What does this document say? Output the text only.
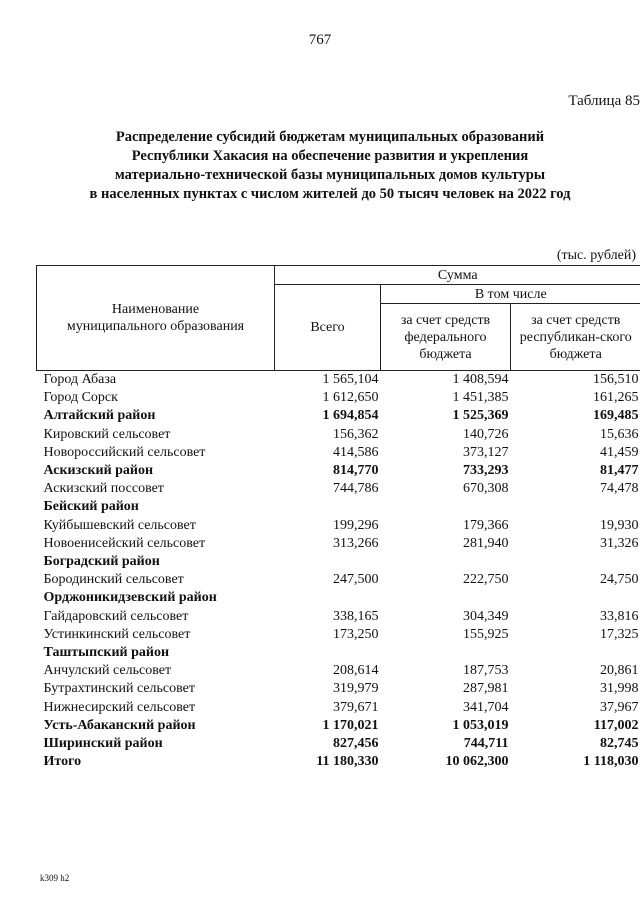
767
Таблица 85
Распределение субсидий бюджетам муниципальных образований
Республики Хакасия на обеспечение развития и укрепления
материально-технической базы муниципальных домов культуры
в населенных пунктах с числом жителей до 50 тысяч человек на 2022 год
(тыс. рублей)
Наименование
муниципального образования	Сумма		
	Всего	В том числе	
		за счет средств федерального бюджета	за счет средств республикан-ского бюджета
Город Абаза	1 565,104	1 408,594	156,510
Город Сорск	1 612,650	1 451,385	161,265
Алтайский район	1 694,854	1 525,369	169,485
Кировский сельсовет	156,362	140,726	15,636
Новороссийский сельсовет	414,586	373,127	41,459
Аскизский район	814,770	733,293	81,477
Аскизский поссовет	744,786	670,308	74,478
Бейский район			
Куйбышевский сельсовет	199,296	179,366	19,930
Новоенисейский сельсовет	313,266	281,940	31,326
Боградский район			
Бородинский сельсовет	247,500	222,750	24,750
Орджоникидзевский район			
Гайдаровский сельсовет	338,165	304,349	33,816
Устинкинский сельсовет	173,250	155,925	17,325
Таштыпский район			
Анчулский сельсовет	208,614	187,753	20,861
Бутрахтинский сельсовет	319,979	287,981	31,998
Нижнесирский сельсовет	379,671	341,704	37,967
Усть-Абаканский район	1 170,021	1 053,019	117,002
Ширинский район	827,456	744,711	82,745
Итого	11 180,330	10 062,300	1 118,030
k309 h2
